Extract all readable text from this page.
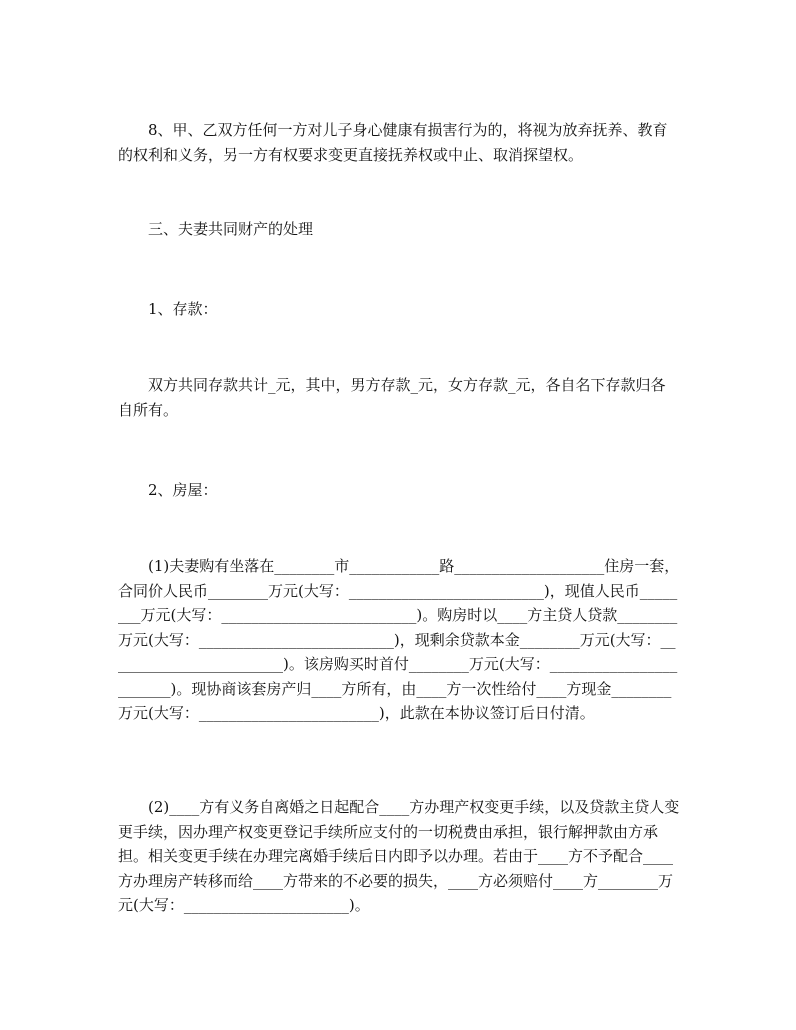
8、甲、乙双方任何一方对儿子身心健康有损害行为的，将视为放弃抚养、教育的权利和义务，另一方有权要求变更直接抚养权或中止、取消探望权。

三、夫妻共同财产的处理

1、存款：

双方共同存款共计_元，其中，男方存款_元，女方存款_元，各自名下存款归各自所有。

2、房屋：

(1)夫妻购有坐落在________市____________路____________________住房一套，合同价人民币________万元(大写：__________________________)，现值人民币________万元(大写：__________________________)。购房时以____方主贷人贷款________万元(大写：__________________________)，现剩余贷款本金________万元(大写：________________________)。该房购买时首付________万元(大写：________________________)。现协商该套房产归____方所有，由____方一次性给付____方现金________万元(大写：________________________)，此款在本协议签订后日付清。

(2)____方有义务自离婚之日起配合____方办理产权变更手续，以及贷款主贷人变更手续，因办理产权变更登记手续所应支付的一切税费由承担，银行解押款由方承担。相关变更手续在办理完离婚手续后日内即予以办理。若由于____方不予配合____方办理房产转移而给____方带来的不必要的损失，____方必须赔付____方________万元(大写：______________________)。
